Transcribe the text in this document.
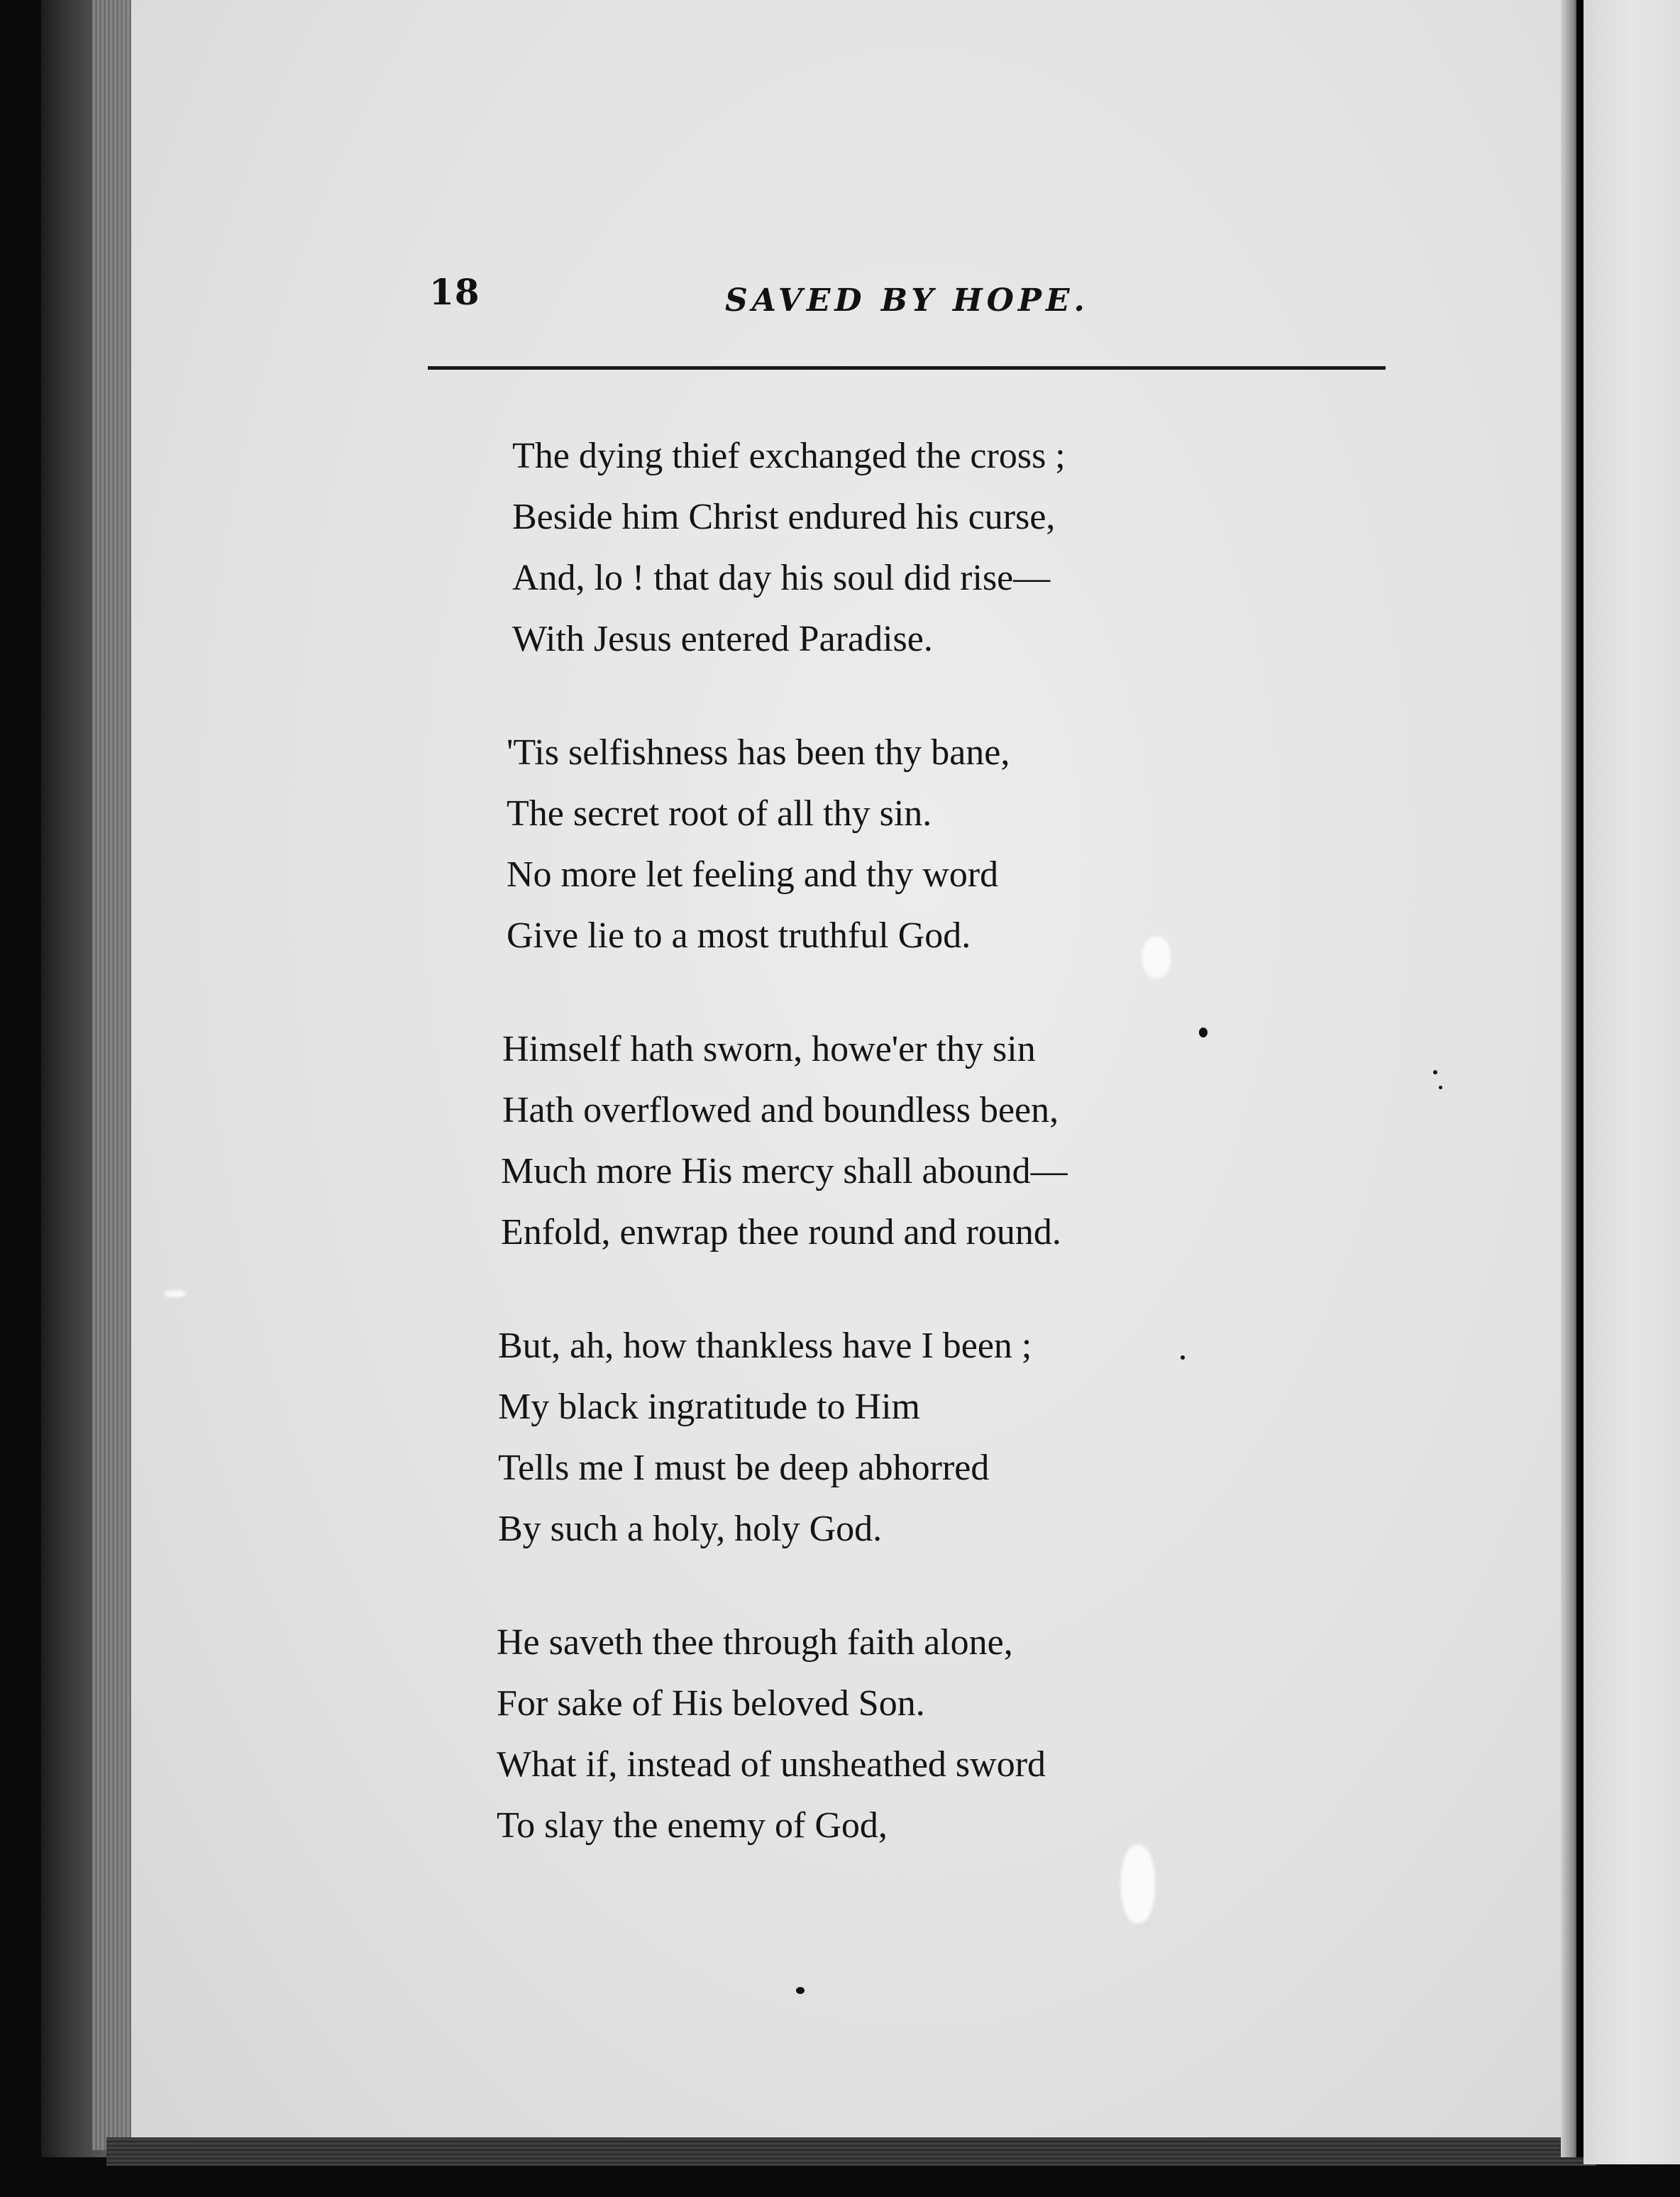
18	SAVED BY HOPE.
The dying thief exchanged the cross ;
Beside him Christ endured his curse,
And, lo ! that day his soul did rise—
With Jesus entered Paradise.
'Tis selfishness has been thy bane,
The secret root of all thy sin.
No more let feeling and thy word
Give lie to a most truthful God.
Himself hath sworn, howe'er thy sin
Hath overflowed and boundless been,
Much more His mercy shall abound—
Enfold, enwrap thee round and round.
But, ah, how thankless have I been ;
My black ingratitude to Him
Tells me I must be deep abhorred
By such a holy, holy God.
He saveth thee through faith alone,
For sake of His beloved Son.
What if, instead of unsheathed sword
To slay the enemy of God,
